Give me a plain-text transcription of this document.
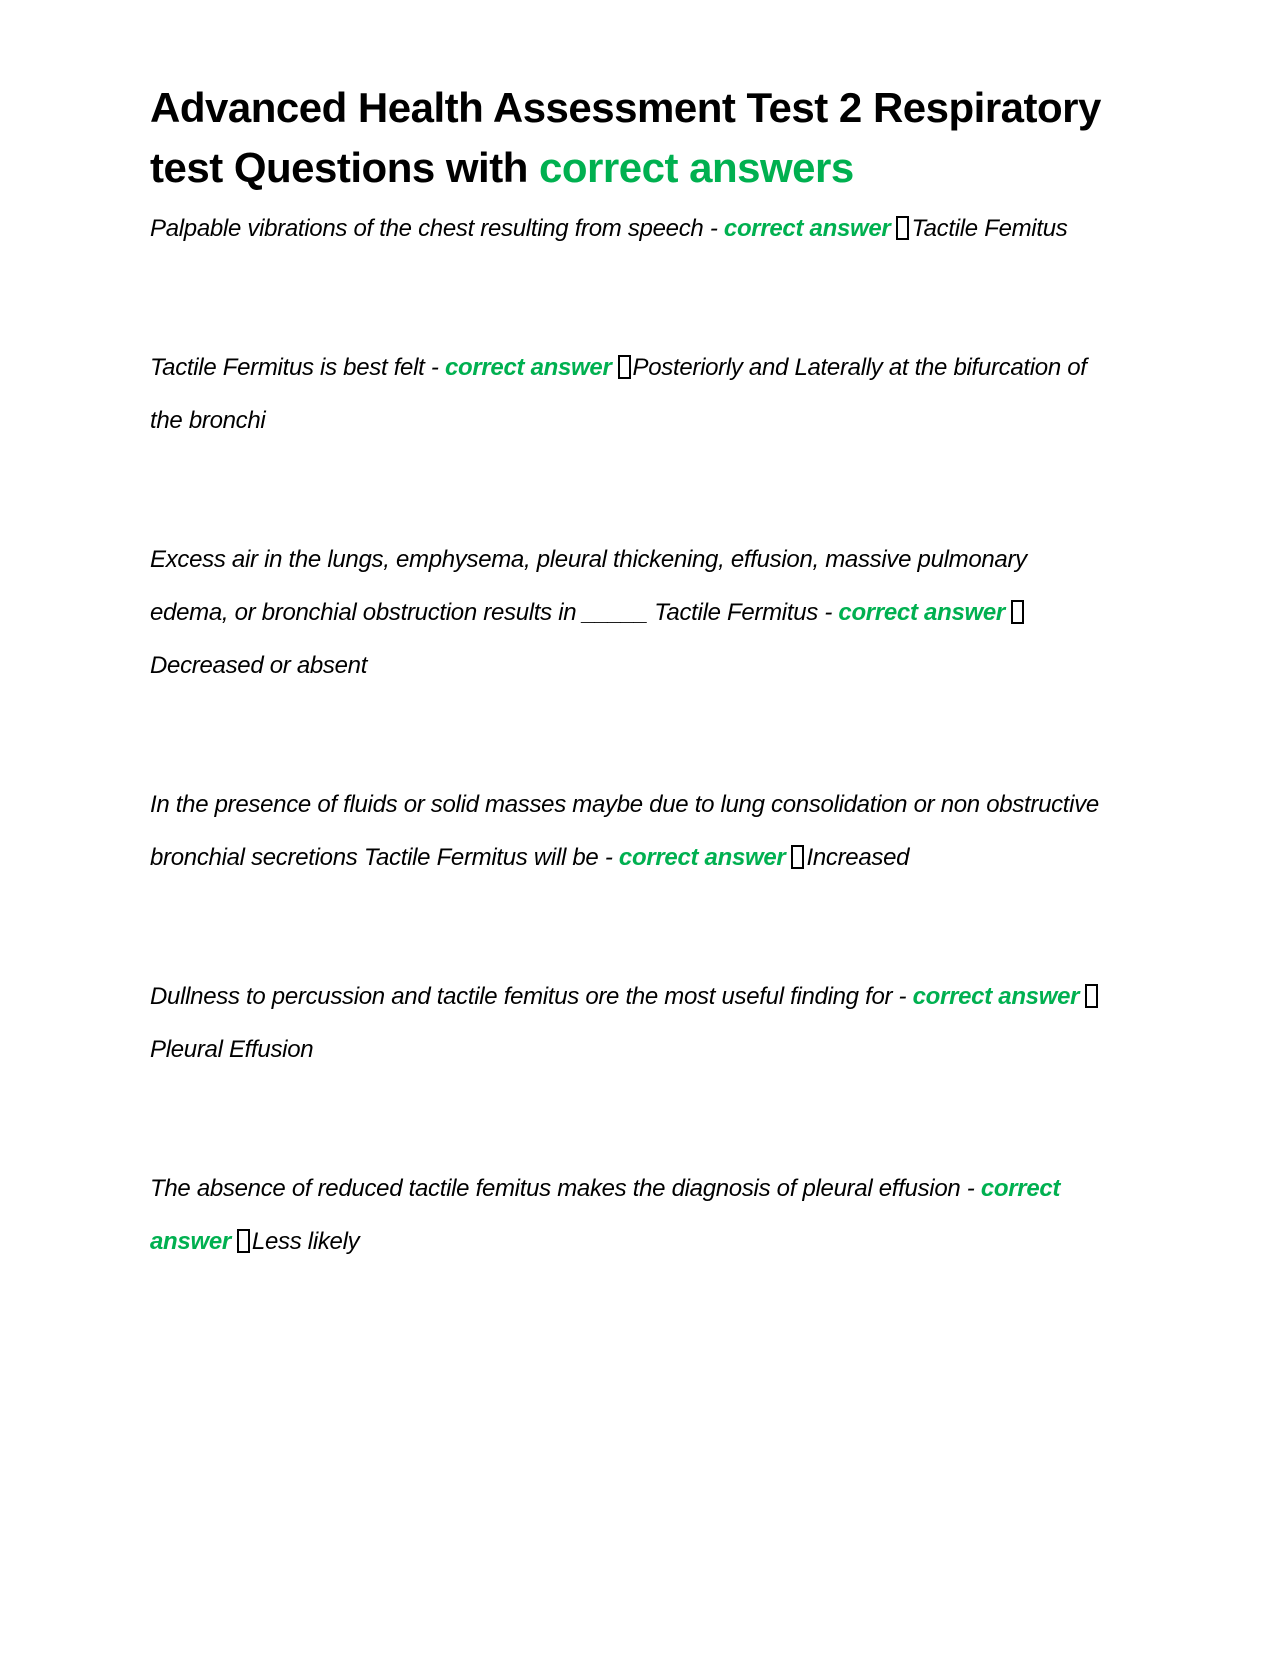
Advanced Health Assessment Test 2 Respiratory test Questions with correct answers

Palpable vibrations of the chest resulting from speech - correct answer Tactile Femitus

Tactile Fermitus is best felt - correct answer Posteriorly and Laterally at the bifurcation of the bronchi

Excess air in the lungs, emphysema, pleural thickening, effusion, massive pulmonary edema, or bronchial obstruction results in _____ Tactile Fermitus - correct answerDecreased or absent

In the presence of fluids or solid masses maybe due to lung consolidation or non obstructive bronchial secretions Tactile Fermitus will be - correct answer Increased

Dullness to percussion and tactile femitus ore the most useful finding for - correct answerPleural Effusion

The absence of reduced tactile femitus makes the diagnosis of pleural effusion - correct answer Less likely
